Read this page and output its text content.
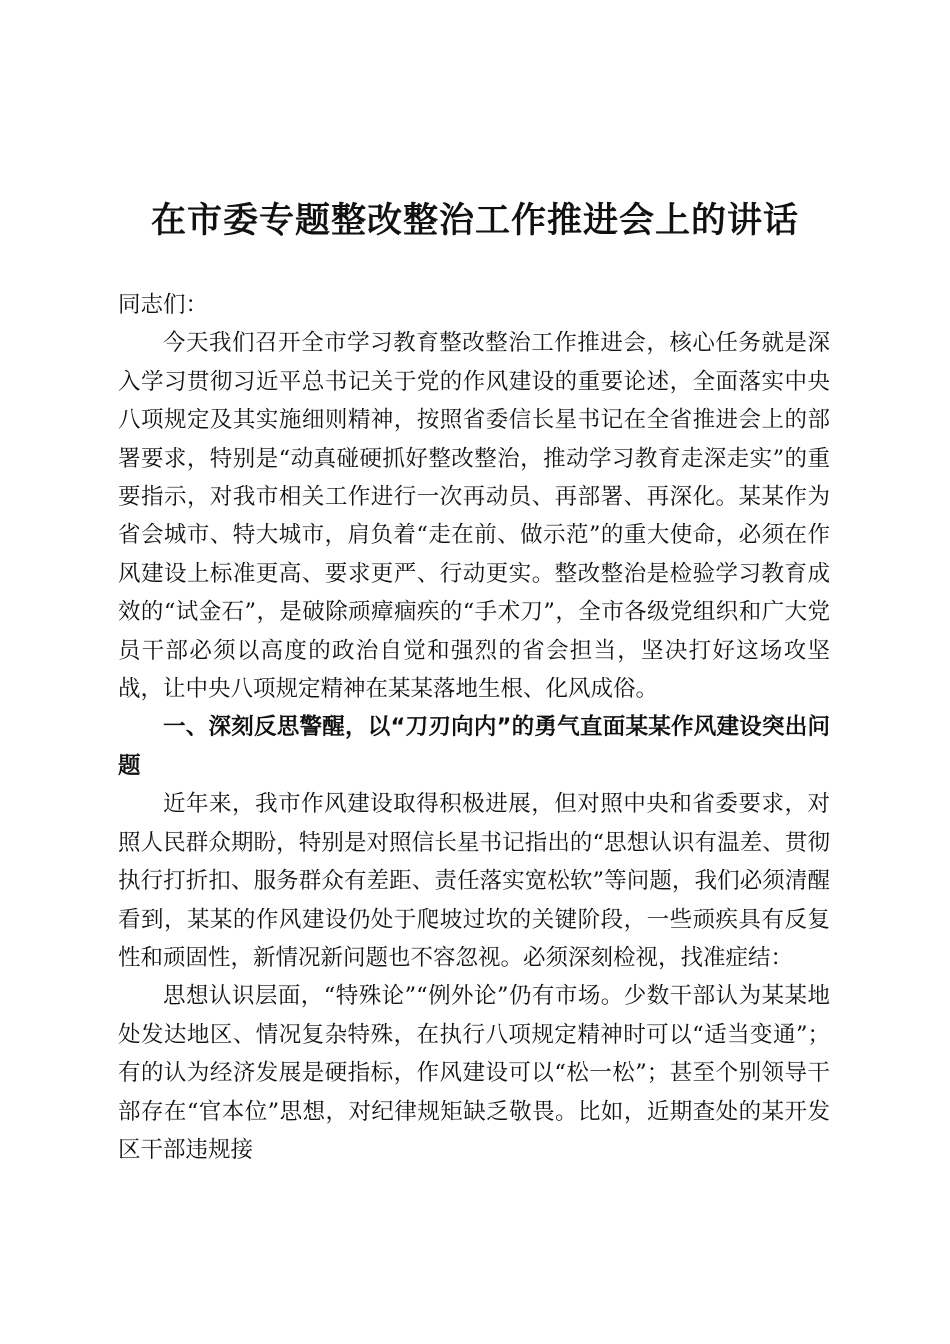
在市委专题整改整治工作推进会上的讲话

同志们：

今天我们召开全市学习教育整改整治工作推进会，核心任务就是深入学习贯彻习近平总书记关于党的作风建设的重要论述，全面落实中央八项规定及其实施细则精神，按照省委信长星书记在全省推进会上的部署要求，特别是“动真碰硬抓好整改整治，推动学习教育走深走实”的重要指示，对我市相关工作进行一次再动员、再部署、再深化。某某作为省会城市、特大城市，肩负着“走在前、做示范”的重大使命，必须在作风建设上标准更高、要求更严、行动更实。整改整治是检验学习教育成效的“试金石”，是破除顽瘴痼疾的“手术刀”，全市各级党组织和广大党员干部必须以高度的政治自觉和强烈的省会担当，坚决打好这场攻坚战，让中央八项规定精神在某某落地生根、化风成俗。

一、深刻反思警醒，以“刀刃向内”的勇气直面某某作风建设突出问题

近年来，我市作风建设取得积极进展，但对照中央和省委要求，对照人民群众期盼，特别是对照信长星书记指出的“思想认识有温差、贯彻执行打折扣、服务群众有差距、责任落实宽松软”等问题，我们必须清醒看到，某某的作风建设仍处于爬坡过坎的关键阶段，一些顽疾具有反复性和顽固性，新情况新问题也不容忽视。必须深刻检视，找准症结：

思想认识层面，“特殊论”“例外论”仍有市场。少数干部认为某某地处发达地区、情况复杂特殊，在执行八项规定精神时可以“适当变通”；有的认为经济发展是硬指标，作风建设可以“松一松”；甚至个别领导干部存在“官本位”思想，对纪律规矩缺乏敬畏。比如，近期查处的某开发区干部违规接
